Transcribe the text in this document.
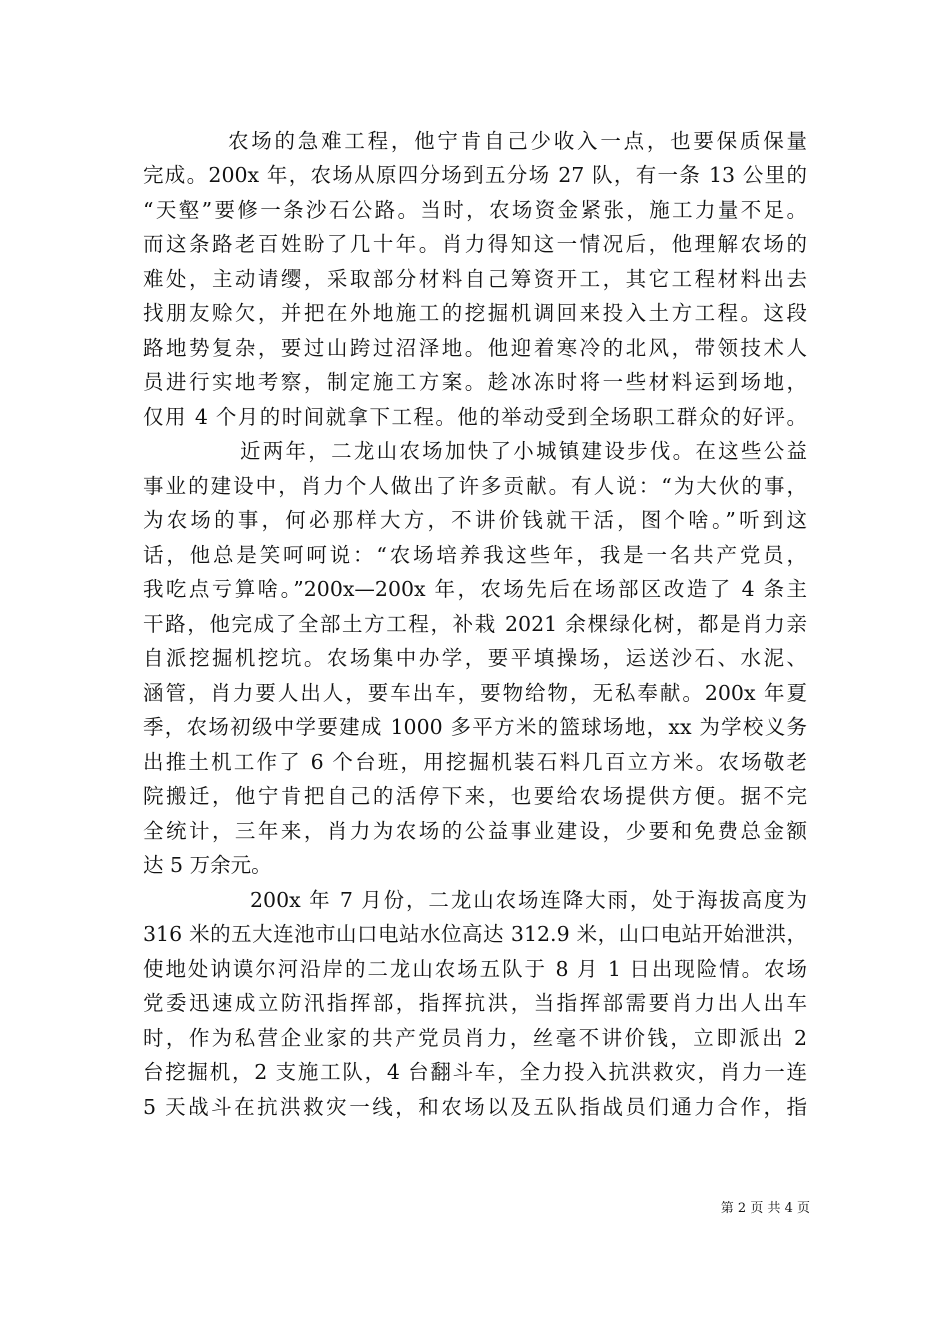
农场的急难工程，他宁肯自己少收入一点，也要保质保量
完成。200x 年，农场从原四分场到五分场 27 队，有一条 13 公里的
“天壑”要修一条沙石公路。当时，农场资金紧张，施工力量不足。
而这条路老百姓盼了几十年。肖力得知这一情况后，他理解农场的
难处，主动请缨，采取部分材料自己筹资开工，其它工程材料出去
找朋友赊欠，并把在外地施工的挖掘机调回来投入土方工程。这段
路地势复杂，要过山跨过沼泽地。他迎着寒冷的北风，带领技术人
员进行实地考察，制定施工方案。趁冰冻时将一些材料运到场地，
仅用 4 个月的时间就拿下工程。他的举动受到全场职工群众的好评。
近两年，二龙山农场加快了小城镇建设步伐。在这些公益
事业的建设中，肖力个人做出了许多贡献。有人说：“为大伙的事，
为农场的事，何必那样大方，不讲价钱就干活，图个啥。”听到这
话，他总是笑呵呵说：“农场培养我这些年，我是一名共产党员，
我吃点亏算啥。”200x—200x 年，农场先后在场部区改造了 4 条主
干路，他完成了全部土方工程，补栽 2021 余棵绿化树，都是肖力亲
自派挖掘机挖坑。农场集中办学，要平填操场，运送沙石、水泥、
涵管，肖力要人出人，要车出车，要物给物，无私奉献。200x 年夏
季，农场初级中学要建成 1000 多平方米的篮球场地，xx 为学校义务
出推土机工作了 6 个台班，用挖掘机装石料几百立方米。农场敬老
院搬迁，他宁肯把自己的活停下来，也要给农场提供方便。据不完
全统计，三年来，肖力为农场的公益事业建设，少要和免费总金额
达 5 万余元。
200x 年 7 月份，二龙山农场连降大雨，处于海拔高度为
316 米的五大连池市山口电站水位高达 312.9 米，山口电站开始泄洪，
使地处讷谟尔河沿岸的二龙山农场五队于 8 月 1 日出现险情。农场
党委迅速成立防汛指挥部，指挥抗洪，当指挥部需要肖力出人出车
时，作为私营企业家的共产党员肖力，丝毫不讲价钱，立即派出 2
台挖掘机，2 支施工队，4 台翻斗车，全力投入抗洪救灾，肖力一连
5 天战斗在抗洪救灾一线，和农场以及五队指战员们通力合作，指
第 2 页 共 4 页
